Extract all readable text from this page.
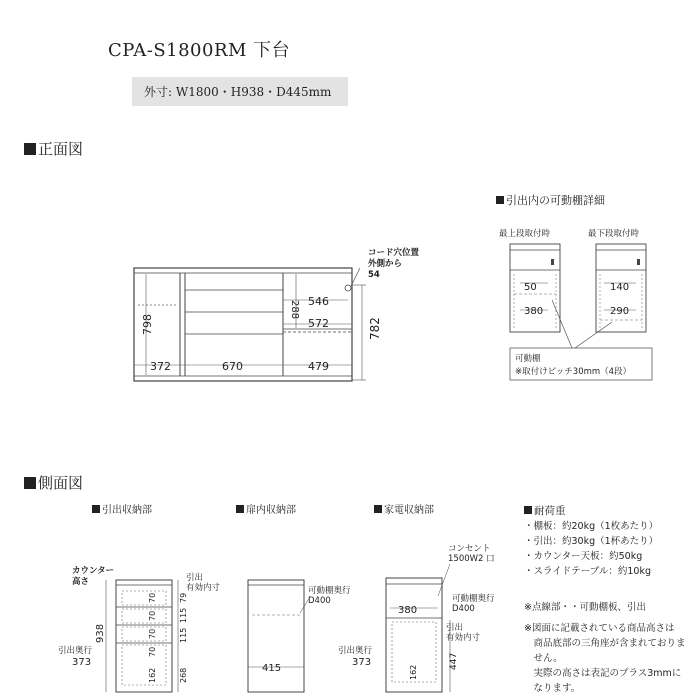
CPA-S1800RM 下台
外寸: W1800・H938・D445mm
正面図
288 546
572
798	782
372	670	479
コード穴位置
外側から
54
引出内の可動棚詳細
最上段取付時	最下段取付時
50
380
140
290
可動棚
※取付けピッチ30mm（4段）
側面図
引出収納部	扉内収納部	家電収納部
938
70
70
70
70
162
79
115
115
268
カウンター
高さ	引出
有効内寸
引出奥行
373
415
可動棚奥行
D400
380
162
447
コンセント
1500W2 口
可動棚奥行
D400
引出
有効内寸
引出奥行
373
耐荷重
・棚板：約20kg（1枚あたり）
・引出：約30kg（1杯あたり）
・カウンター天板：約50kg
・スライドテーブル：約10kg
※点線部・・可動棚板、引出
※図面に記載されている商品高さは
　商品底部の三角座が含まれておりま
　せん。
　実際の高さは表記のプラス3mmに
　なります。
